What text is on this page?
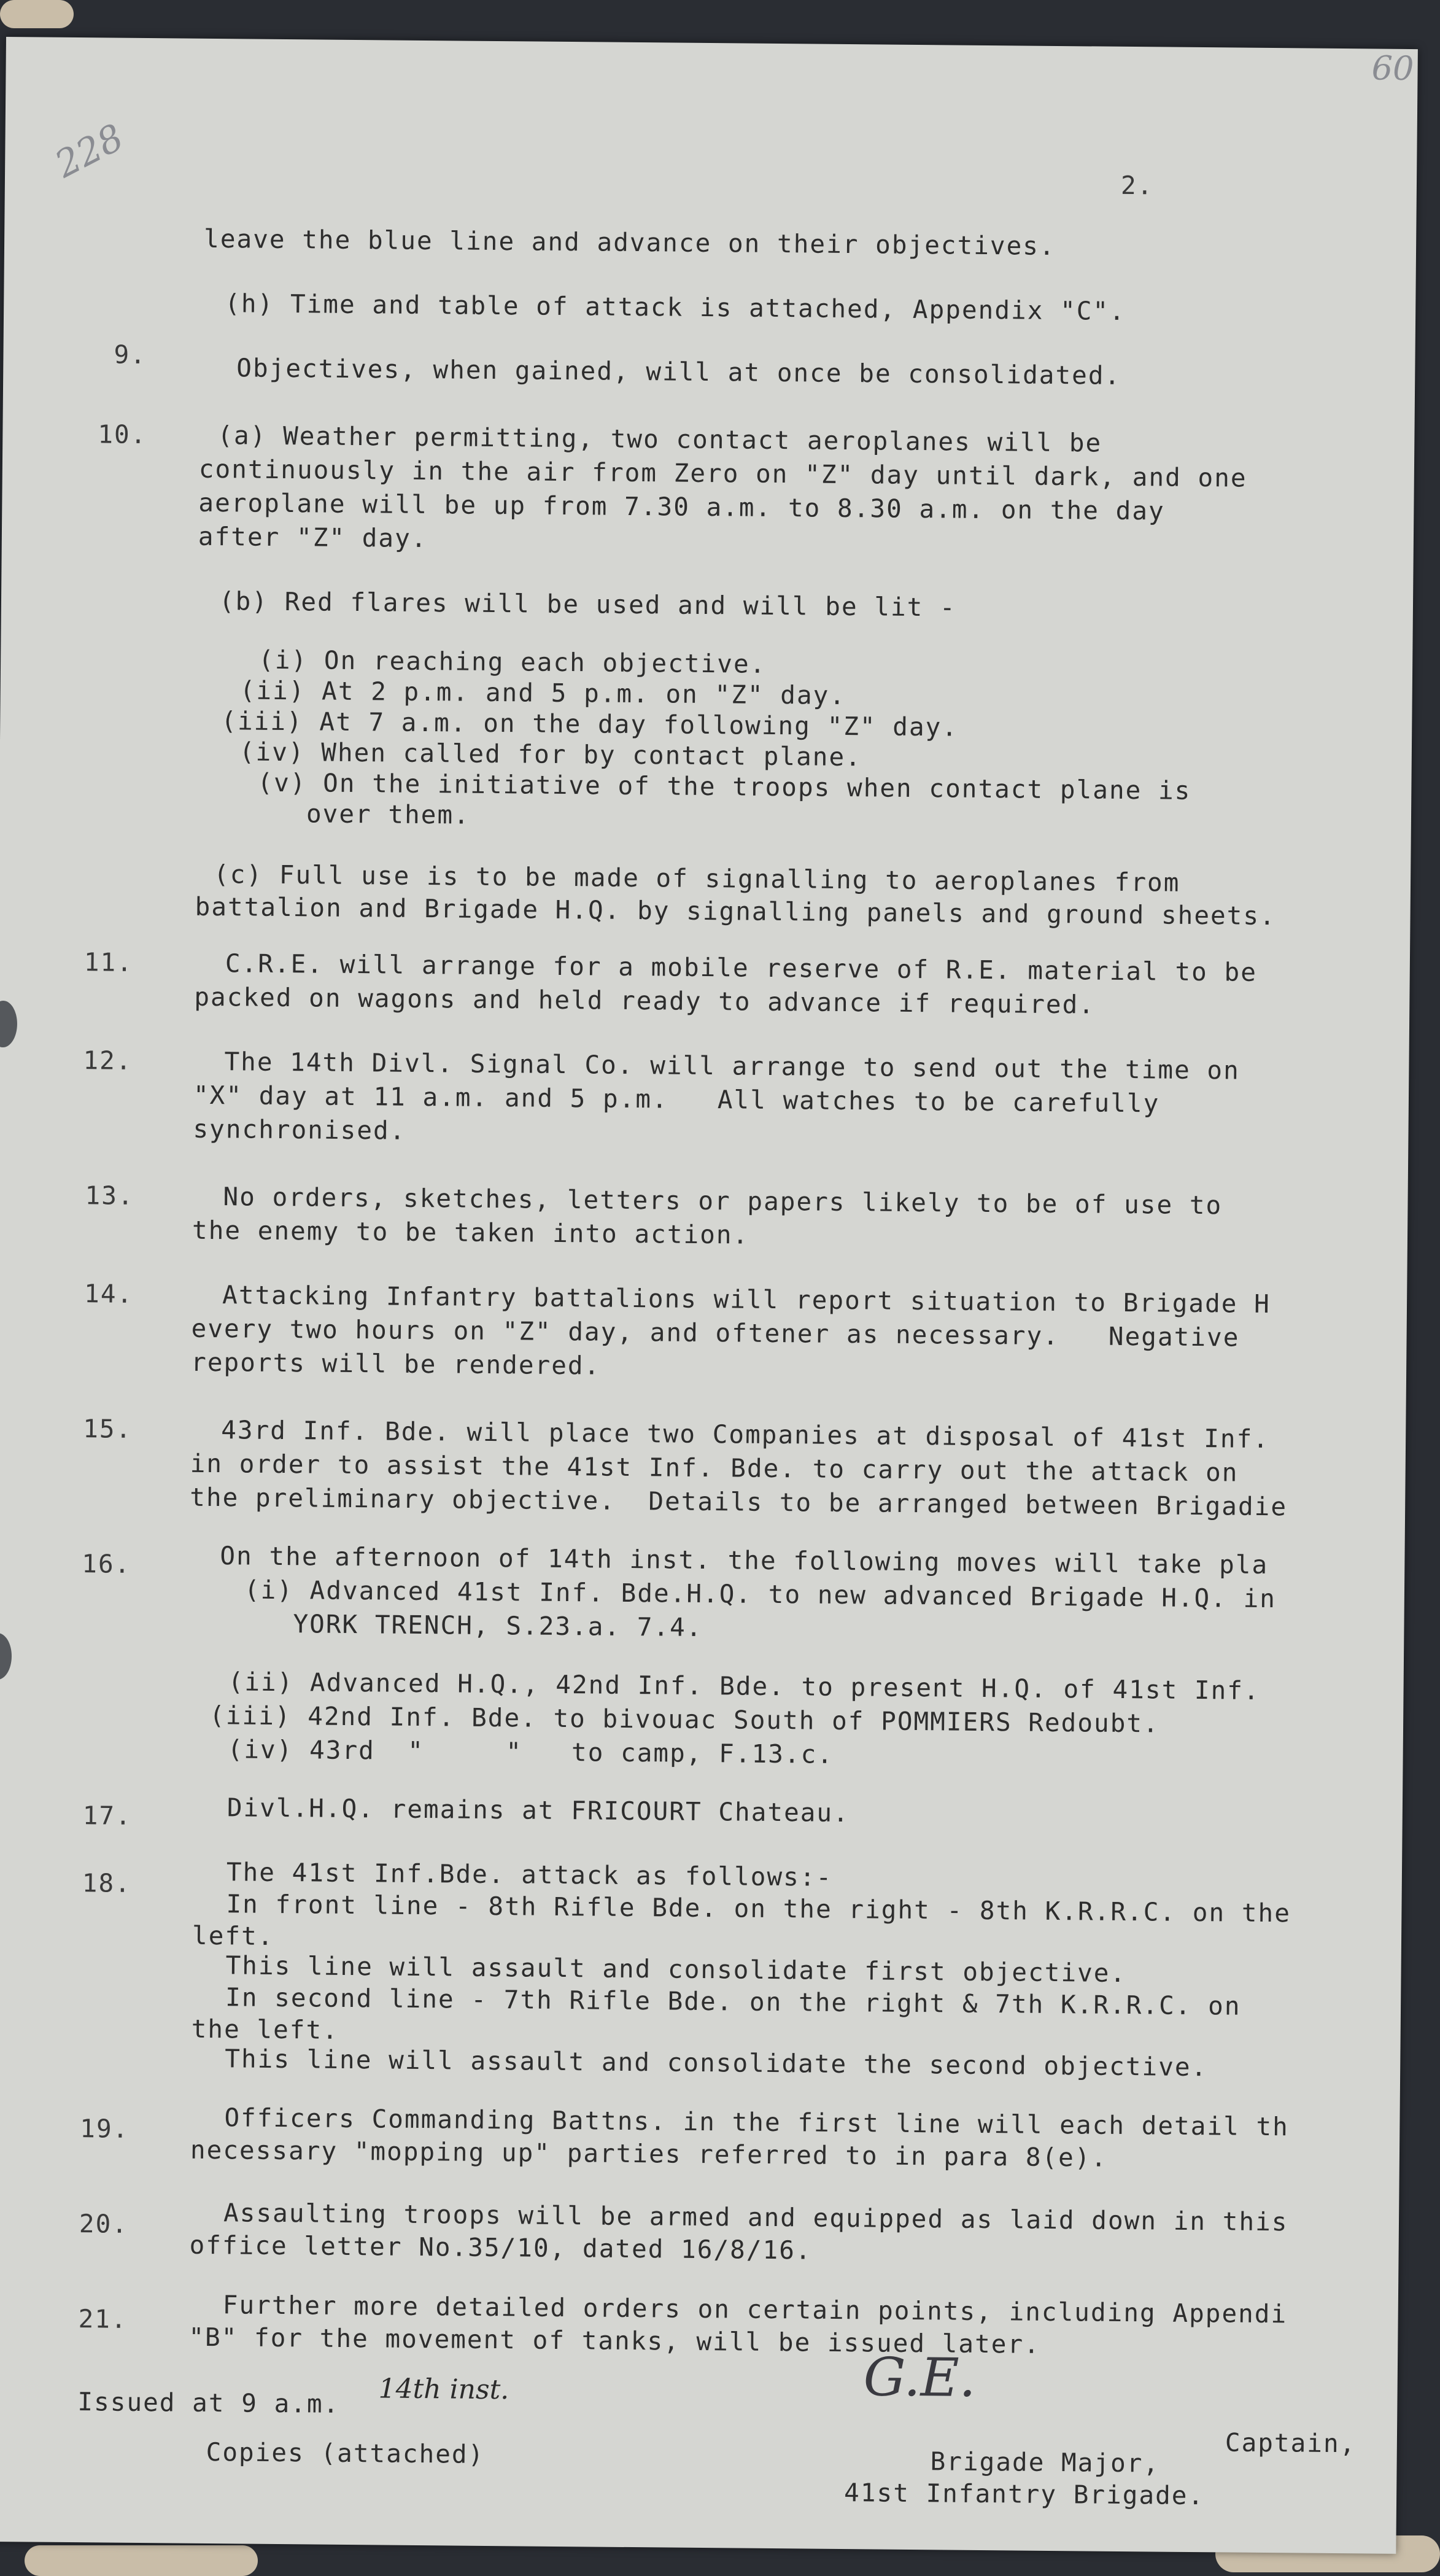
228
60
2.
leave the blue line and advance on their objectives.
(h) Time and table of attack is attached, Appendix "C".
9.	Objectives, when gained, will at once be consolidated.
10.	(a) Weather permitting, two contact aeroplanes will be
continuously in the air from Zero on "Z" day until dark, and one
aeroplane will be up from 7.30 a.m. to 8.30 a.m. on the day
after "Z" day.
(b) Red flares will be used and will be lit -
(i) On reaching each objective.
(ii) At 2 p.m. and 5 p.m. on "Z" day.
(iii) At 7 a.m. on the day following "Z" day.
(iv) When called for by contact plane.
(v) On the initiative of the troops when contact plane is
over them.
(c) Full use is to be made of signalling to aeroplanes from
battalion and Brigade H.Q. by signalling panels and ground sheets.
11.	C.R.E. will arrange for a mobile reserve of R.E. material to be
packed on wagons and held ready to advance if required.
12.	The 14th Divl. Signal Co. will arrange to send out the time on
"X" day at 11 a.m. and 5 p.m.   All watches to be carefully
synchronised.
13.	No orders, sketches, letters or papers likely to be of use to
the enemy to be taken into action.
14.	Attacking Infantry battalions will report situation to Brigade H
every two hours on "Z" day, and oftener as necessary.   Negative
reports will be rendered.
15.	43rd Inf. Bde. will place two Companies at disposal of 41st Inf.
in order to assist the 41st Inf. Bde. to carry out the attack on
the preliminary objective.  Details to be arranged between Brigadie
16.	On the afternoon of 14th inst. the following moves will take pla
(i) Advanced 41st Inf. Bde.H.Q. to new advanced Brigade H.Q. in
YORK TRENCH, S.23.a. 7.4.
(ii) Advanced H.Q., 42nd Inf. Bde. to present H.Q. of 41st Inf.
(iii) 42nd Inf. Bde. to bivouac South of POMMIERS Redoubt.
(iv) 43rd  "     "   to camp, F.13.c.
17.	Divl.H.Q. remains at FRICOURT Chateau.
18.	The 41st Inf.Bde. attack as follows:-
In front line - 8th Rifle Bde. on the right - 8th K.R.R.C. on the
left.
This line will assault and consolidate first objective.
In second line - 7th Rifle Bde. on the right & 7th K.R.R.C. on
the left.
This line will assault and consolidate the second objective.
19.	Officers Commanding Battns. in the first line will each detail th
necessary "mopping up" parties referred to in para 8(e).
20.	Assaulting troops will be armed and equipped as laid down in this
office letter No.35/10, dated 16/8/16.
21.	Further more detailed orders on certain points, including Appendi
"B" for the movement of tanks, will be issued later.
Issued at 9 a.m. 14th inst.	G.E.
Captain,
Copies (attached)	Brigade Major,
41st Infantry Brigade.
